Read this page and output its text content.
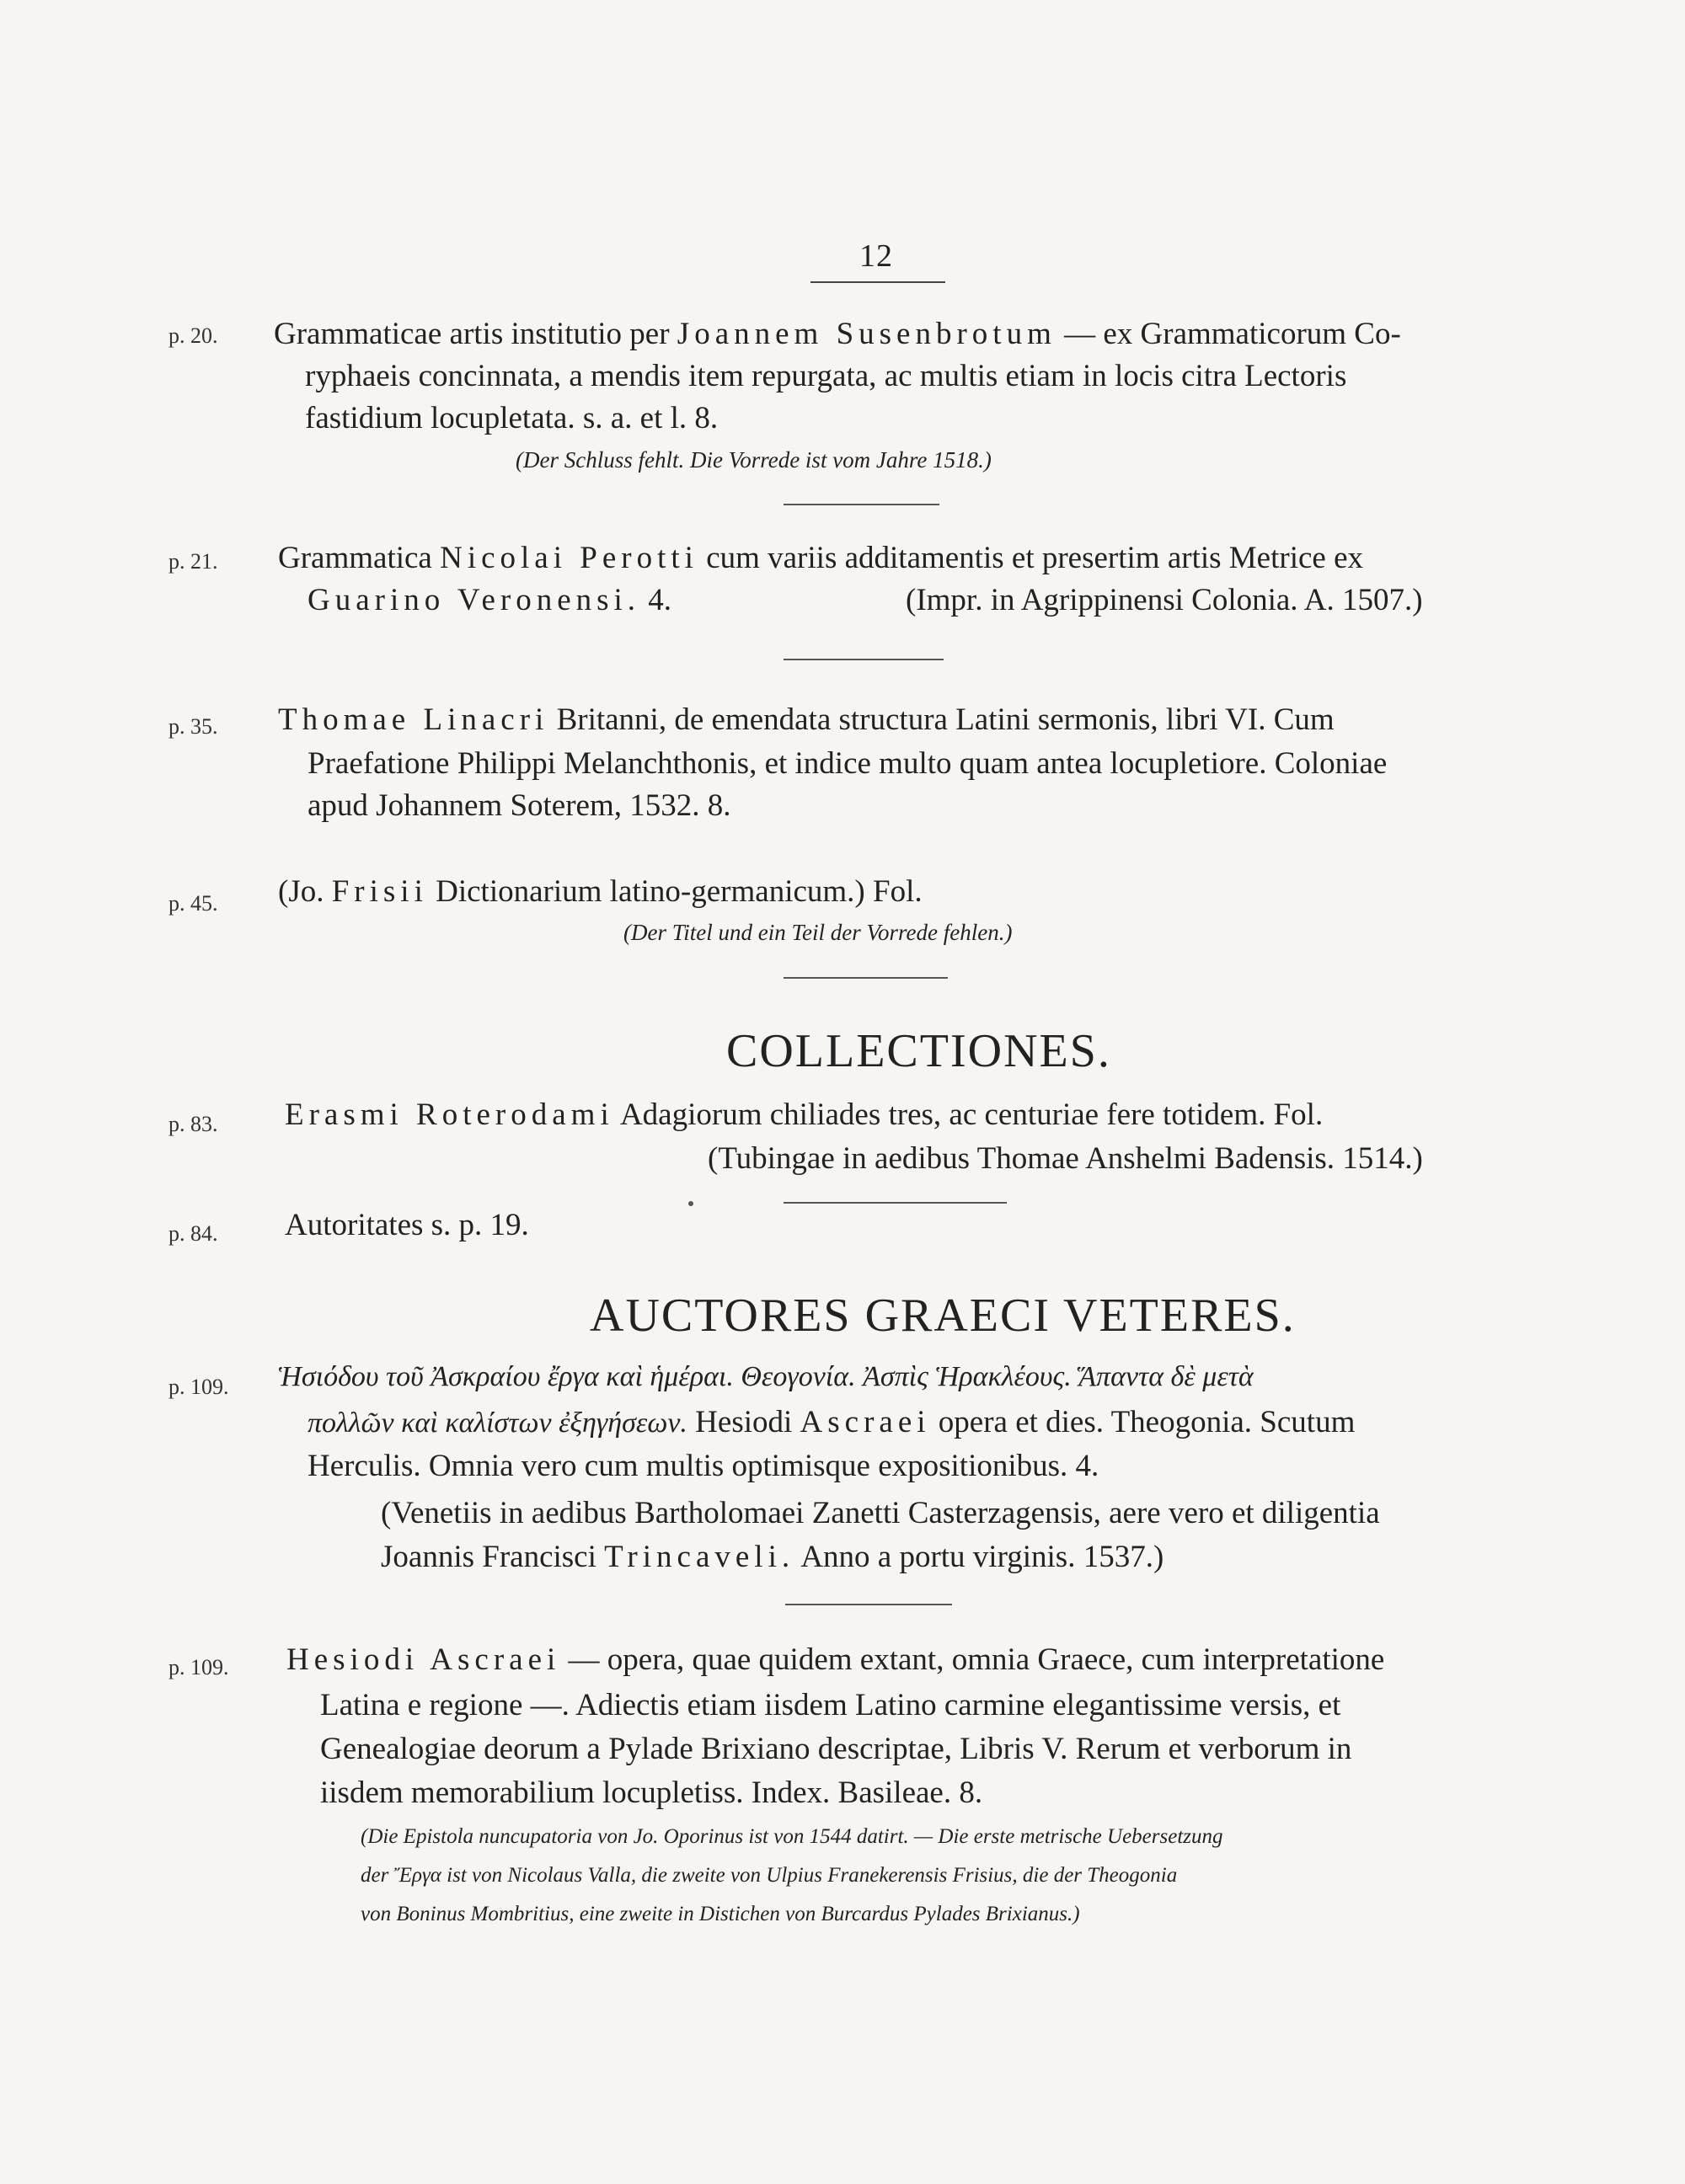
12
p. 20. Grammaticae artis institutio per Joannem Susenbrotum — ex Grammaticorum Co-
ryphaeis concinnata, a mendis item repurgata, ac multis etiam in locis citra Lectoris
fastidium locupletata. s. a. et l. 8.
(Der Schluss fehlt. Die Vorrede ist vom Jahre 1518.)
p. 21. Grammatica Nicolai Perotti cum variis additamentis et presertim artis Metrice ex
Guarino Veronensi. 4.	(Impr. in Agrippinensi Colonia. A. 1507.)
p. 35. Thomae Linacri Britanni, de emendata structura Latini sermonis, libri VI. Cum
Praefatione Philippi Melanchthonis, et indice multo quam antea locupletiore. Coloniae
apud Johannem Soterem, 1532. 8.
p. 45. (Jo. Frisii Dictionarium latino-germanicum.) Fol.
(Der Titel und ein Teil der Vorrede fehlen.)
COLLECTIONES.
p. 83. Erasmi Roterodami Adagiorum chiliades tres, ac centuriae fere totidem. Fol.
(Tubingae in aedibus Thomae Anshelmi Badensis. 1514.)
p. 84. Autoritates s. p. 19.
AUCTORES GRAECI VETERES.
p. 109. Ἡσιόδου τοῦ Ἀσκραίου ἔργα καὶ ἡμέραι. Θεογονία. Ἀσπὶς Ἡρακλέους. Ἅπαντα δὲ μετὰ
πολλῶν καὶ καλίστων ἐξηγήσεων. Hesiodi Ascraei opera et dies. Theogonia. Scutum
Herculis. Omnia vero cum multis optimisque expositionibus. 4.
(Venetiis in aedibus Bartholomaei Zanetti Casterzagensis, aere vero et diligentia
Joannis Francisci Trincaveli. Anno a portu virginis. 1537.)
p. 109. Hesiodi Ascraei — opera, quae quidem extant, omnia Graece, cum interpretatione
Latina e regione —. Adiectis etiam iisdem Latino carmine elegantissime versis, et
Genealogiae deorum a Pylade Brixiano descriptae, Libris V. Rerum et verborum in
iisdem memorabilium locupletiss. Index. Basileae. 8.
(Die Epistola nuncupatoria von Jo. Oporinus ist von 1544 datirt. — Die erste metrische Uebersetzung
der Ἔργα ist von Nicolaus Valla, die zweite von Ulpius Franekerensis Frisius, die der Theogonia
von Boninus Mombritius, eine zweite in Distichen von Burcardus Pylades Brixianus.)
